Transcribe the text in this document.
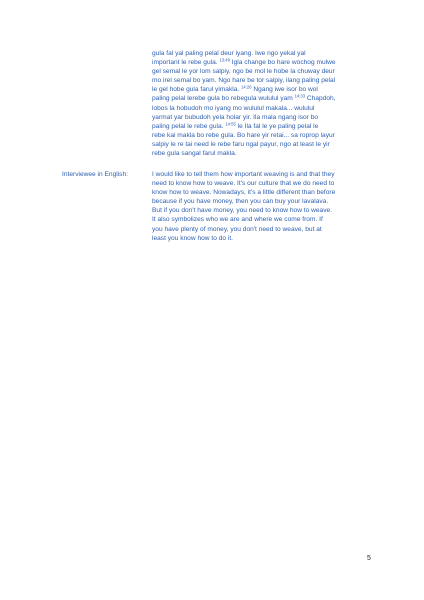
gula fal yal paling pelal deur iyang. Iwe ngo yekal yal
important le rebe gula. $^{13:49}$ Igla change bo hare wochog mulwe
gel semal le yor lom salpiy, ngo be mol le hobe la chuway deur
mo irel semal bo yam. Ngo hare be tor salpiy, ilang paling pelal
le gel hobe gula farul yimakla. $^{14:26}$ Ngang iwe isor bo wol
paling pelal lerebe gula bo rebegula wululul yam $^{14:33}$ Chapdoh,
lobos la hobudoh mo iyang mo wululul makala... wululul
yarmat yar bubudoh yela holar yir. Ila mala ngang isor bo
paling pelal le rebe gula. $^{14:55}$ le Ila fal le ye paling pelal le
rebe kai makla bo rebe gula. Bo hare yir retai... sa roprop layur
salpiy le re tai need le rebe faru ngal payur, ngo at least le yir
rebe gula sangal farul makla.
Interviewee in English:	I would like to tell them how important weaving is and that they
need to know how to weave. It's our culture that we do need to
know how to weave. Nowadays, it's a little different than before
because if you have money, then you can buy your lavalava.
But if you don't have money, you need to know how to weave.
It also symbolizes who we are and where we come from. If
you have plenty of money, you don't need to weave, but at
least you know how to do it.
5
